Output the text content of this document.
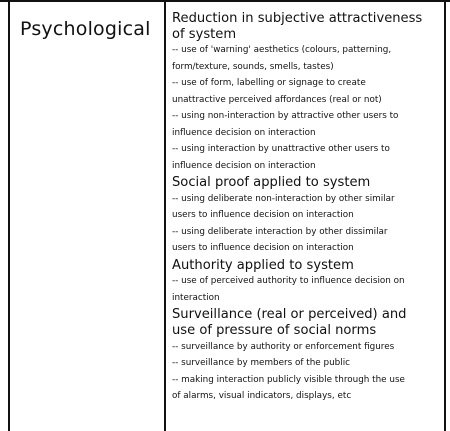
Psychological Reduction in subjective attractiveness

of system

-- use of 'warning' aesthetics (colours, patterning,

form/texture, sounds, smells, tastes)

-- use of form, labelling or signage to create

unattractive perceived affordances (real or not)

-- using non-interaction by attractive other users to

influence decision on interaction

-- using interaction by unattractive other users to

influence decision on interaction

Social proof applied to system

-- using deliberate non-interaction by other similar

users to influence decision on interaction

-- using deliberate interaction by other dissimilar

users to influence decision on interaction

Authority applied to system

-- use of perceived authority to influence decision on

interaction

Surveillance (real or perceived) and

use of pressure of social norms

-- surveillance by authority or enforcement figures

-- surveillance by members of the public

-- making interaction publicly visible through the use

of alarms, visual indicators, displays, etc
